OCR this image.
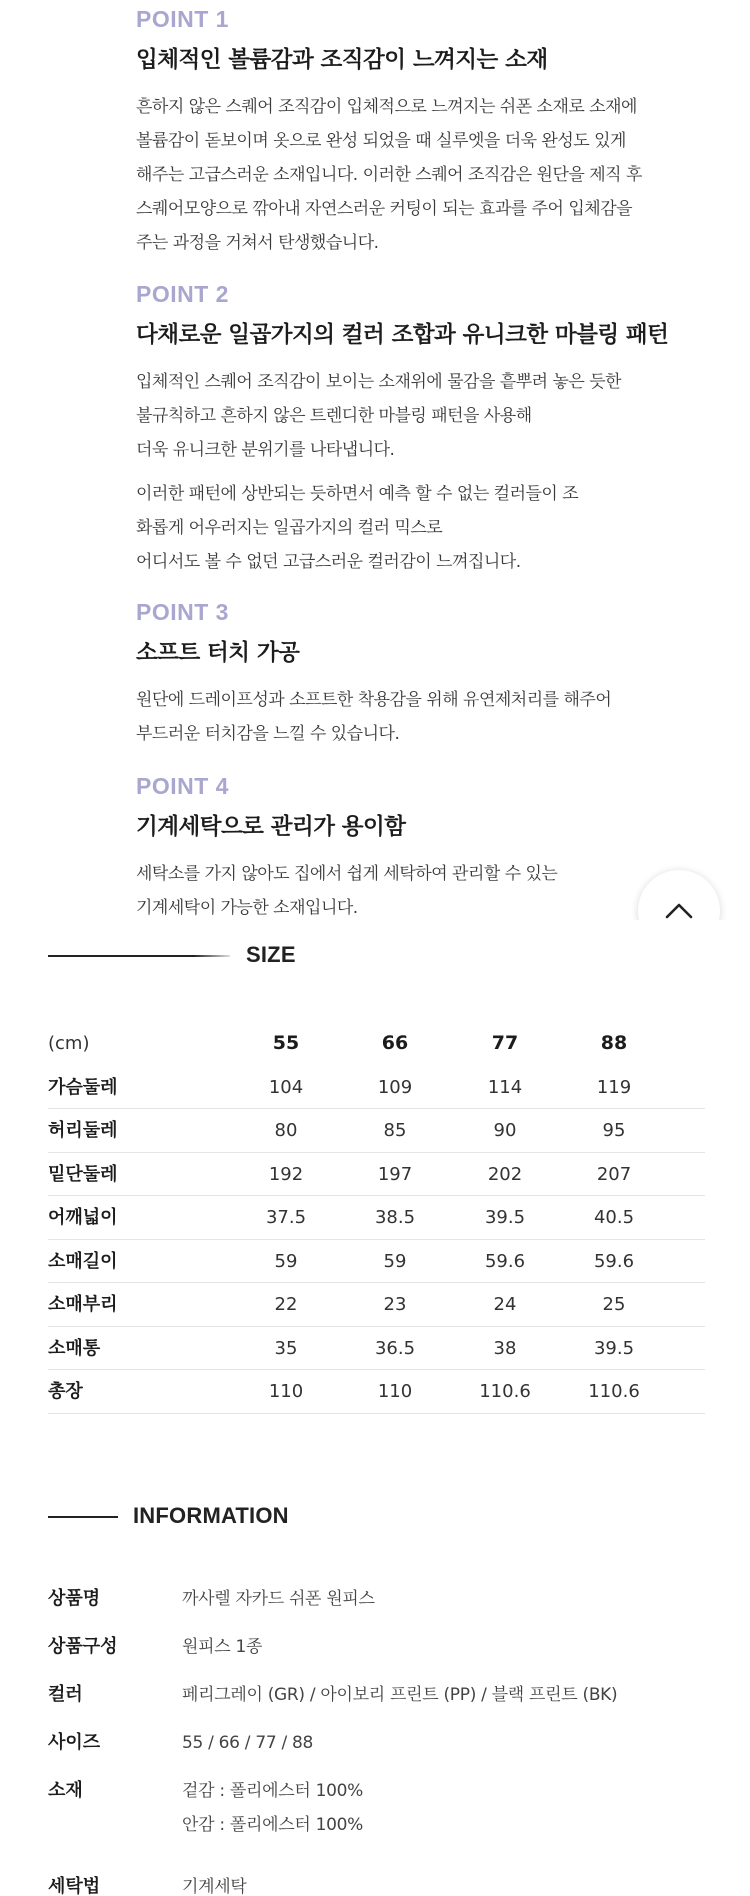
POINT 1
입체적인 볼륨감과 조직감이 느껴지는 소재
흔하지 않은 스퀘어 조직감이 입체적으로 느껴지는 쉬폰 소재로 소재에
볼륨감이 돋보이며 옷으로 완성 되었을 때 실루엣을 더욱 완성도 있게
해주는 고급스러운 소재입니다. 이러한 스퀘어 조직감은 원단을 제직 후
스퀘어모양으로 깎아내 자연스러운 커팅이 되는 효과를 주어 입체감을
주는 과정을 거쳐서 탄생했습니다.
POINT 2
다채로운 일곱가지의 컬러 조합과 유니크한 마블링 패턴
입체적인 스퀘어 조직감이 보이는 소재위에 물감을 흩뿌려 놓은 듯한
불규칙하고 흔하지 않은 트렌디한 마블링 패턴을 사용해
더욱 유니크한 분위기를 나타냅니다.
이러한 패턴에 상반되는 듯하면서 예측 할 수 없는 컬러들이 조
화롭게 어우러지는 일곱가지의 컬러 믹스로
어디서도 볼 수 없던 고급스러운 컬러감이 느껴집니다.
POINT 3
소프트 터치 가공
원단에 드레이프성과 소프트한 착용감을 위해 유연제처리를 해주어
부드러운 터치감을 느낄 수 있습니다.
POINT 4
기계세탁으로 관리가 용이함
세탁소를 가지 않아도 집에서 쉽게 세탁하여 관리할 수 있는
기계세탁이 가능한 소재입니다.
SIZE
(cm)	55	66	77	88
가슴둘레	104	109	114	119
허리둘레	80	85	90	95
밑단둘레	192	197	202	207
어깨넓이	37.5	38.5	39.5	40.5
소매길이	59	59	59.6	59.6
소매부리	22	23	24	25
소매통	35	36.5	38	39.5
총장	110	110	110.6	110.6
INFORMATION
상품명	까사렐 자카드 쉬폰 원피스
상품구성	원피스 1종
컬러	페리그레이 (GR) / 아이보리 프린트 (PP) / 블랙 프린트 (BK)
사이즈	55 / 66 / 77 / 88
소재	겉감 : 폴리에스터 100%
안감 : 폴리에스터 100%
세탁법	기계세탁
